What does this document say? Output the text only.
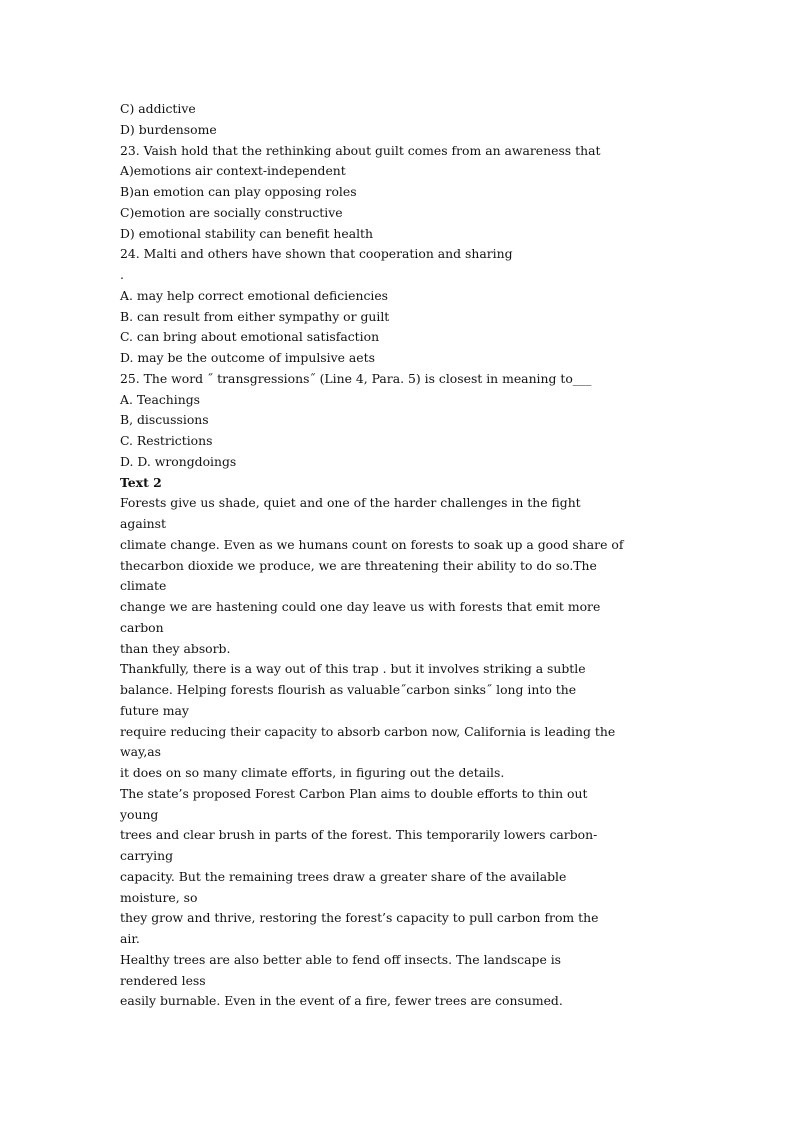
C) addictive
D) burdensome
23. Vaish hold that the rethinking about guilt comes from an awareness that
A)emotions air context-independent
B)an emotion can play opposing roles
C)emotion are socially constructive
D) emotional stability can benefit health
24. Malti and others have shown that cooperation and sharing
.
A. may help correct emotional deficiencies
B. can result from either sympathy or guilt
C. can bring about emotional satisfaction
D. may be the outcome of impulsive aets
25. The word ˝ transgressions˝ (Line 4, Para. 5) is closest in meaning to___
A. Teachings
B, discussions
C. Restrictions
D. D. wrongdoings
Text 2
Forests give us shade, quiet and one of the harder challenges in the fight
against
climate change. Even as we humans count on forests to soak up a good share of
thecarbon dioxide we produce, we are threatening their ability to do so.The
climate
change we are hastening could one day leave us with forests that emit more
carbon
than they absorb.
Thankfully, there is a way out of this trap . but it involves striking a subtle
balance. Helping forests flourish as valuable˝carbon sinks˝ long into the
future may
require reducing their capacity to absorb carbon now, California is leading the
way,as
it does on so many climate efforts, in figuring out the details.
The state’s proposed Forest Carbon Plan aims to double efforts to thin out
young
trees and clear brush in parts of the forest. This temporarily lowers carbon-
carrying
capacity. But the remaining trees draw a greater share of the available
moisture, so
they grow and thrive, restoring the forest’s capacity to pull carbon from the
air.
Healthy trees are also better able to fend off insects. The landscape is
rendered less
easily burnable. Even in the event of a fire, fewer trees are consumed.
